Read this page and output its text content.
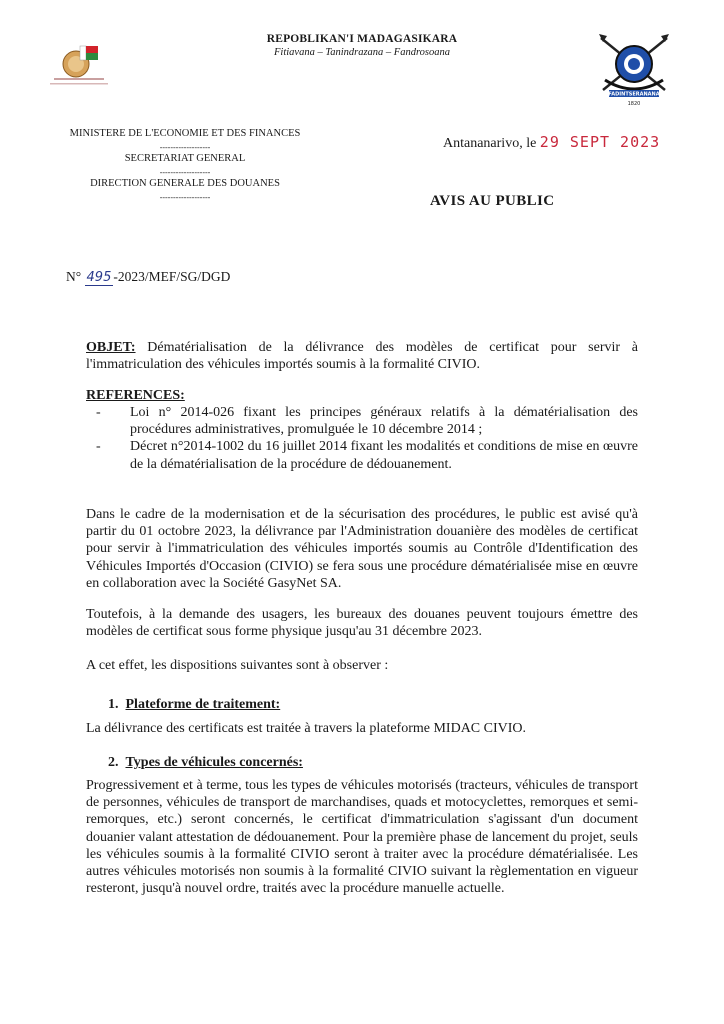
REPOBLIKAN'I MADAGASIKARA
Fitiavana – Tanindrazana – Fandrosoana
FADINTSERANANA
1820
MINISTERE DE L'ECONOMIE ET DES FINANCES
-------------------
SECRETARIAT GENERAL
-------------------
DIRECTION GENERALE DES DOUANES
-------------------
Antananarivo, le 29 SEPT 2023
AVIS AU PUBLIC
N° 495 -2023/MEF/SG/DGD

OBJET: Dématérialisation de la délivrance des modèles de certificat pour servir à l'immatriculation des véhicules importés soumis à la formalité CIVIO.

REFERENCES:
-	Loi n° 2014-026 fixant les principes généraux relatifs à la dématérialisation des procédures administratives, promulguée le 10 décembre 2014 ;
-	Décret n°2014-1002 du 16 juillet 2014 fixant les modalités et conditions de mise en œuvre de la dématérialisation de la procédure de dédouanement.
Dans le cadre de la modernisation et de la sécurisation des procédures, le public est avisé qu'à partir du 01 octobre 2023, la délivrance par l'Administration douanière des modèles de certificat pour servir à l'immatriculation des véhicules importés soumis au Contrôle d'Identification des Véhicules Importés d'Occasion (CIVIO) se fera sous une procédure dématérialisée mise en œuvre en collaboration avec la Société GasyNet SA.
Toutefois, à la demande des usagers, les bureaux des douanes peuvent toujours émettre des modèles de certificat sous forme physique jusqu'au 31 décembre 2023.
A cet effet, les dispositions suivantes sont à observer :
1. Plateforme de traitement:
La délivrance des certificats est traitée à travers la plateforme MIDAC CIVIO.
2. Types de véhicules concernés:
Progressivement et à terme, tous les types de véhicules motorisés (tracteurs, véhicules de transport de personnes, véhicules de transport de marchandises, quads et motocyclettes, remorques et semi-remorques, etc.) seront concernés, le certificat d'immatriculation s'agissant d'un document douanier valant attestation de dédouanement. Pour la première phase de lancement du projet, seuls les véhicules soumis à la formalité CIVIO seront à traiter avec la procédure dématérialisée. Les autres véhicules motorisés non soumis à la formalité CIVIO suivant la règlementation en vigueur resteront, jusqu'à nouvel ordre, traités avec la procédure manuelle actuelle.
